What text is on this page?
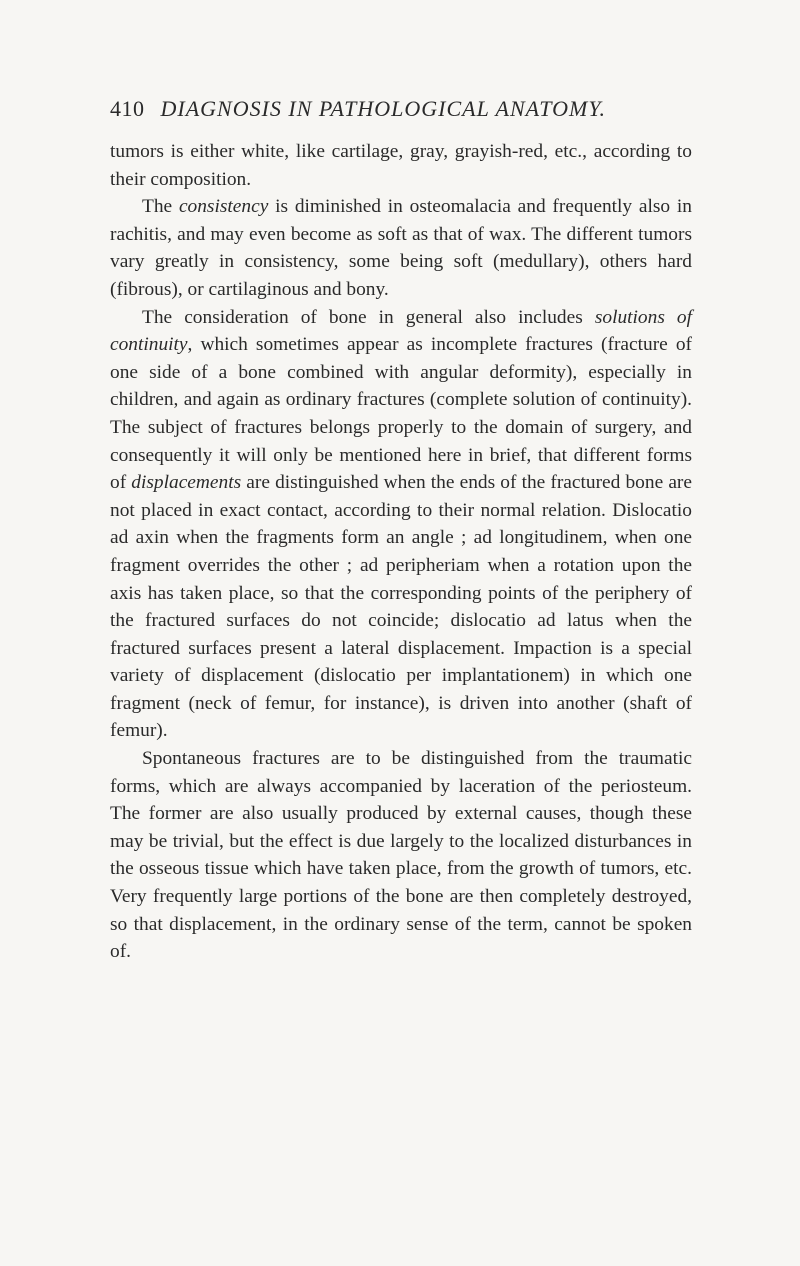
410 DIAGNOSIS IN PATHOLOGICAL ANATOMY.

tumors is either white, like cartilage, gray, grayish-red, etc., according to their composition.

The consistency is diminished in osteomalacia and frequently also in rachitis, and may even become as soft as that of wax. The different tumors vary greatly in consistency, some being soft (medullary), others hard (fibrous), or cartilaginous and bony.

The consideration of bone in general also includes solutions of continuity, which sometimes appear as incomplete fractures (fracture of one side of a bone combined with angular deformity), especially in children, and again as ordinary fractures (complete solution of continuity). The subject of fractures belongs properly to the domain of surgery, and consequently it will only be mentioned here in brief, that different forms of displacements are distinguished when the ends of the fractured bone are not placed in exact contact, according to their normal relation. Dislocatio ad axin when the fragments form an angle ; ad longitudinem, when one fragment overrides the other ; ad peripheriam when a rotation upon the axis has taken place, so that the corresponding points of the periphery of the fractured surfaces do not coincide; dislocatio ad latus when the fractured surfaces present a lateral displacement. Impaction is a special variety of displacement (dislocatio per implantationem) in which one fragment (neck of femur, for instance), is driven into another (shaft of femur).

Spontaneous fractures are to be distinguished from the traumatic forms, which are always accompanied by laceration of the periosteum. The former are also usually produced by external causes, though these may be trivial, but the effect is due largely to the localized disturbances in the osseous tissue which have taken place, from the growth of tumors, etc. Very frequently large portions of the bone are then completely destroyed, so that displacement, in the ordinary sense of the term, cannot be spoken of.
